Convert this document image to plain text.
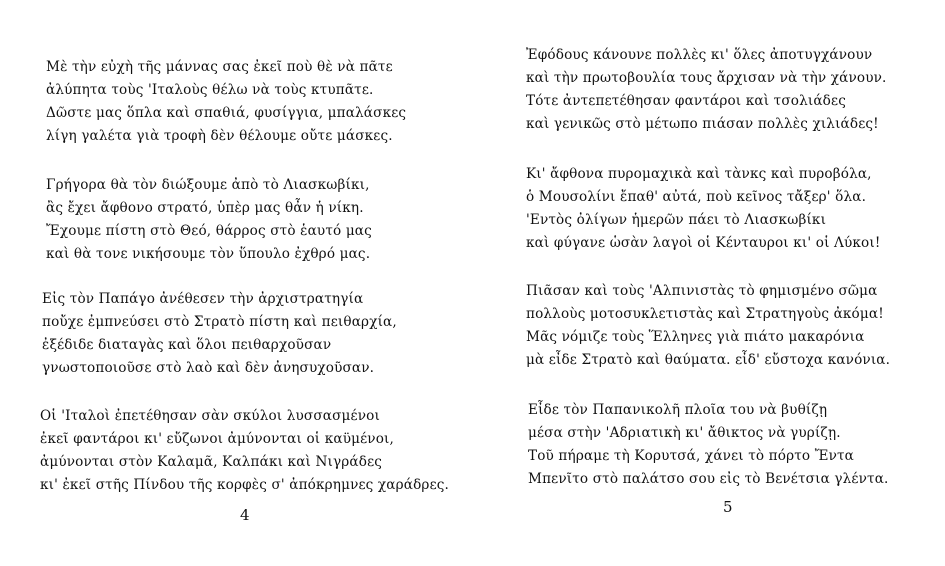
Μὲ τὴν εὐχὴ τῆς μάννας σας ἐκεῖ ποὺ θὲ νὰ πᾶτε
ἀλύπητα τοὺς 'Ιταλοὺς θέλω νὰ τοὺς κτυπᾶτε.
Δῶστε μας ὅπλα καὶ σπαθιά, φυσίγγια, μπαλάσκες
λίγη γαλέτα γιὰ τροφὴ δὲν θέλουμε οὔτε μάσκες.
Γρήγορα θὰ τὸν διώξουμε ἀπὸ τὸ Λιασκωβίκι,
ἂς ἔχει ἄφθονο στρατό, ὑπὲρ μας θἆν ἡ νίκη.
Ἔχουμε πίστη στὸ Θεό, θάρρος στὸ ἑαυτό μας
καὶ θὰ τονε νικήσουμε τὸν ὕπουλο ἐχθρό μας.
Εἰς τὸν Παπάγο ἀνέθεσεν τὴν ἀρχιστρατηγία
ποὔχε ἐμπνεύσει στὸ Στρατὸ πίστη καὶ πειθαρχία,
ἐξέδιδε διαταγὰς καὶ ὅλοι πειθαρχοῦσαν
γνωστοποιοῦσε στὸ λαὸ καὶ δὲν ἀνησυχοῦσαν.
Οἱ 'Ιταλοὶ ἐπετέθησαν σὰν σκύλοι λυσσασμένοι
ἐκεῖ φαντάροι κι' εὔζωνοι ἀμύνονται οἱ καϋμένοι,
ἀμύνονται στὸν Καλαμᾶ, Καλπάκι καὶ Νιγράδες
κι' ἐκεῖ στῆς Πίνδου τῆς κορφὲς σ' ἀπόκρημνες χαράδρες.
4
Ἐφόδους κάνουνε πολλὲς κι' ὅλες ἀποτυγχάνουν
καὶ τὴν πρωτοβουλία τους ἄρχισαν νὰ τὴν χάνουν.
Τότε ἀντεπετέθησαν φαντάροι καὶ τσολιάδες
καὶ γενικῶς στὸ μέτωπο πιάσαν πολλὲς χιλιάδες!
Κι' ἄφθονα πυρομαχικὰ καὶ τὰνκς καὶ πυροβόλα,
ὁ Μουσολίνι ἔπαθ' αὐτά, ποὺ κεῖνος τἄξερ' ὅλα.
'Εντὸς ὀλίγων ἡμερῶν πάει τὸ Λιασκωβίκι
καὶ φύγανε ὡσὰν λαγοὶ οἱ Κένταυροι κι' οἱ Λύκοι!
Πιᾶσαν καὶ τοὺς 'Αλπινιστὰς τὸ φημισμένο σῶμα
πολλοὺς μοτοσυκλετιστὰς καὶ Στρατηγοὺς ἀκόμα!
Μᾶς νόμιζε τοὺς Ἕλληνες γιὰ πιάτο μακαρόνια
μὰ εἶδε Στρατὸ καὶ θαύματα. εἶδ' εὔστοχα κανόνια.
Εἶδε τὸν Παπανικολῆ πλοῖα του νὰ βυθίζῃ
μέσα στὴν 'Αδριατικὴ κι' ἄθικτος νὰ γυρίζῃ.
Τοῦ πήραμε τὴ Κορυτσά, χάνει τὸ πόρτο Ἔντα
Μπενῖτο στὸ παλάτσο σου εἰς τὸ Βενέτσια γλέντα.
5
